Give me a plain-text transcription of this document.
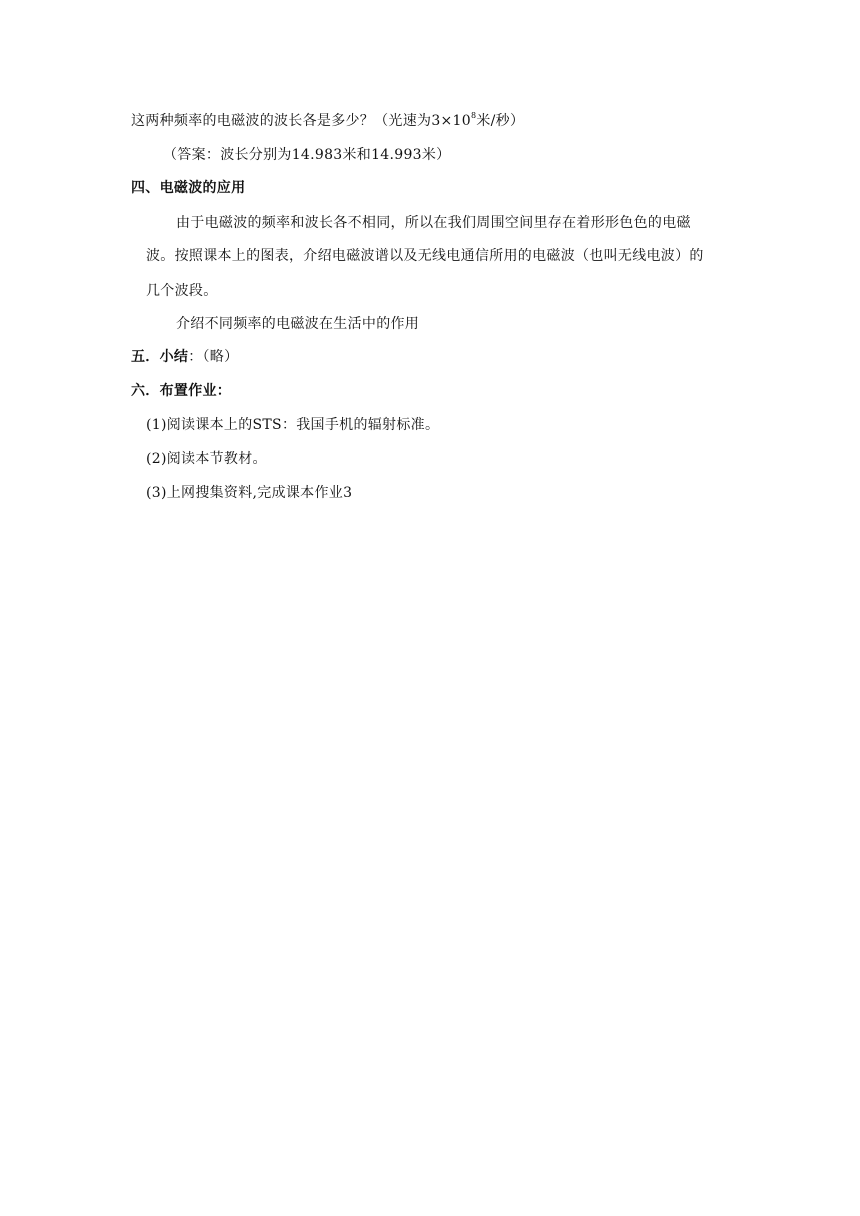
这两种频率的电磁波的波长各是多少？（光速为$3\times 10^8$米/秒）
（答案：波长分别为14.983米和14.993米）
四、电磁波的应用
由于电磁波的频率和波长各不相同，所以在我们周围空间里存在着形形色色的电磁
波。按照课本上的图表，介绍电磁波谱以及无线电通信所用的电磁波（也叫无线电波）的
几个波段。
介绍不同频率的电磁波在生活中的作用
五．小结：（略）
六．布置作业：
(1)阅读课本上的STS：我国手机的辐射标准。
(2)阅读本节教材。
(3)上网搜集资料,完成课本作业3
